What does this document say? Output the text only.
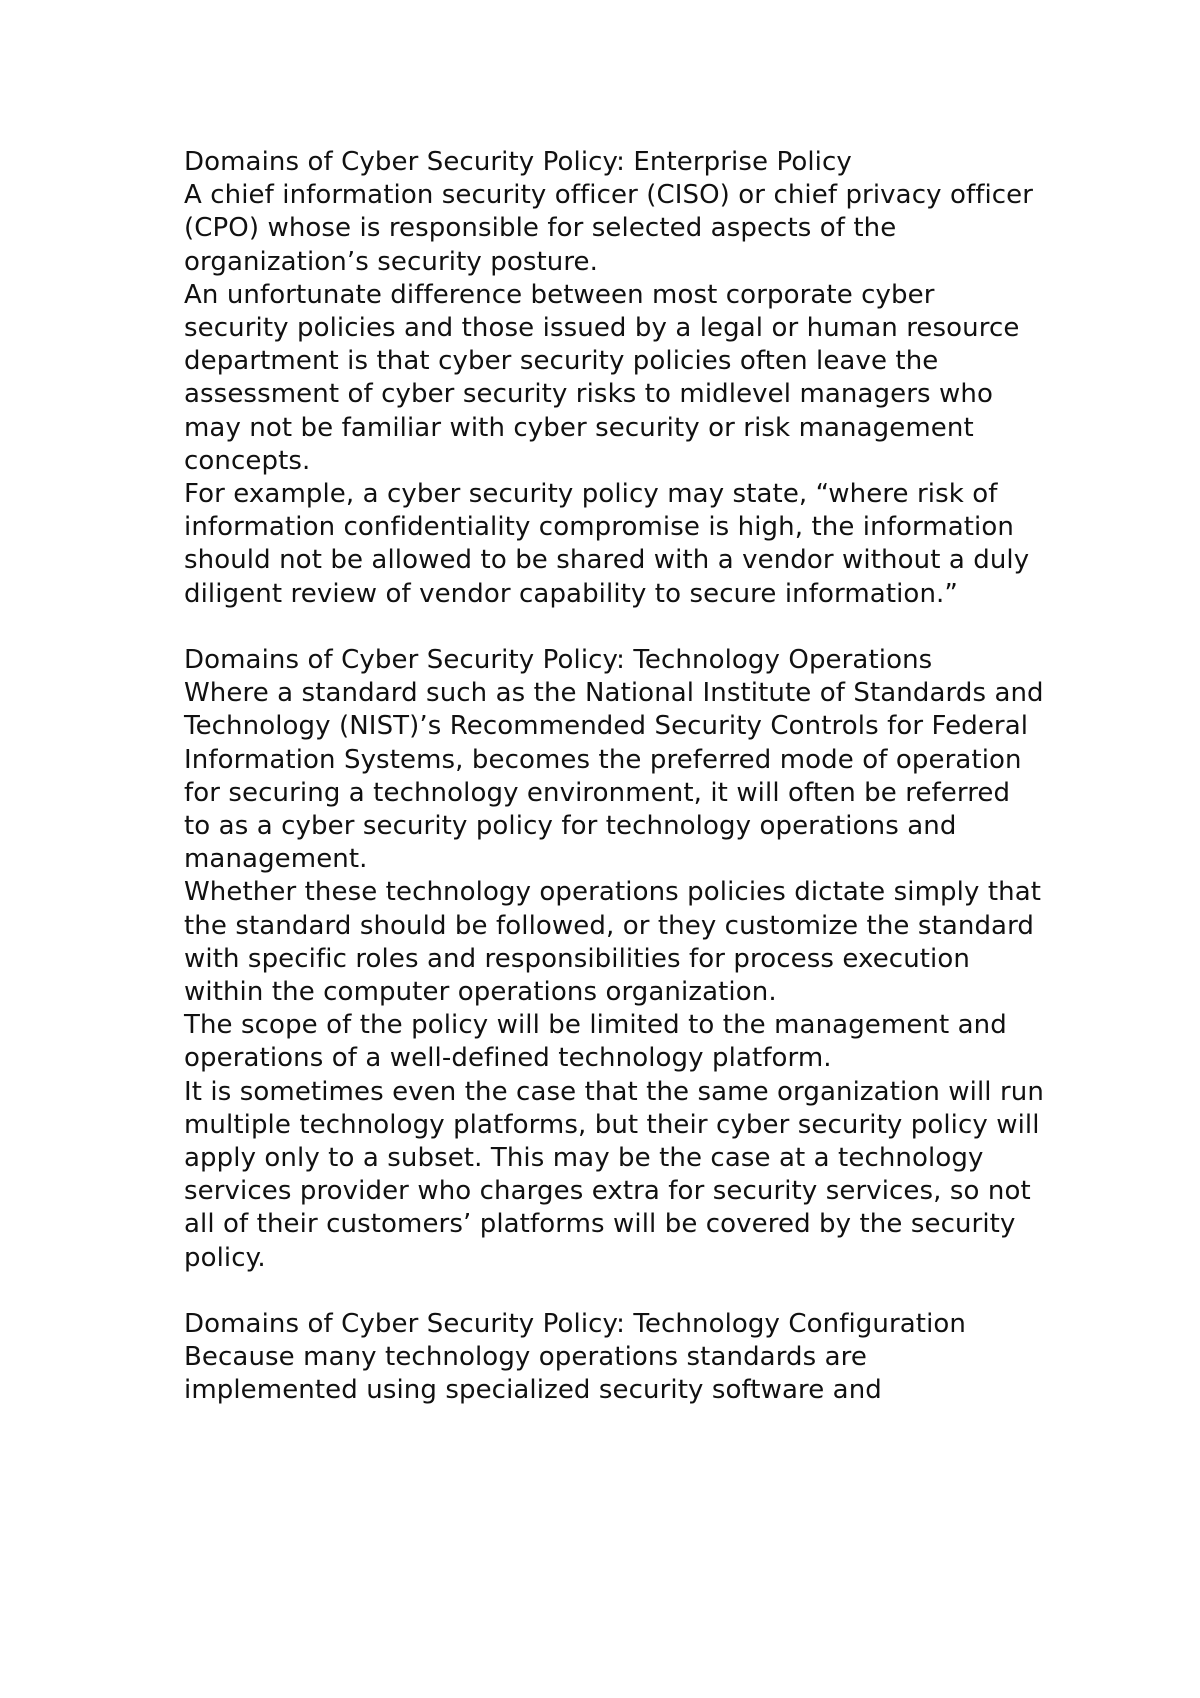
Domains of Cyber Security Policy: Enterprise Policy

A chief information security officer (CISO) or chief privacy officer (CPO) whose is responsible for selected aspects of the organization’s security posture.

An unfortunate difference between most corporate cyber security policies and those issued by a legal or human resource department is that cyber security policies often leave the assessment of cyber security risks to midlevel managers who may not be familiar with cyber security or risk management concepts.

For example, a cyber security policy may state, “where risk of information confidentiality compromise is high, the information should not be allowed to be shared with a vendor without a duly diligent review of vendor capability to secure information.”

Domains of Cyber Security Policy: Technology Operations

Where a standard such as the National Institute of Standards and Technology (NIST)’s Recommended Security Controls for Federal Information Systems, becomes the preferred mode of operation for securing a technology environment, it will often be referred to as a cyber security policy for technology operations and management.

Whether these technology operations policies dictate simply that the standard should be followed, or they customize the standard with specific roles and responsibilities for process execution within the computer operations organization.

The scope of the policy will be limited to the management and operations of a well-defined technology platform.

It is sometimes even the case that the same organization will run multiple technology platforms, but their cyber security policy will apply only to a subset. This may be the case at a technology services provider who charges extra for security services, so not all of their customers’ platforms will be covered by the security policy.

Domains of Cyber Security Policy: Technology Configuration

Because many technology operations standards are implemented using specialized security software and
